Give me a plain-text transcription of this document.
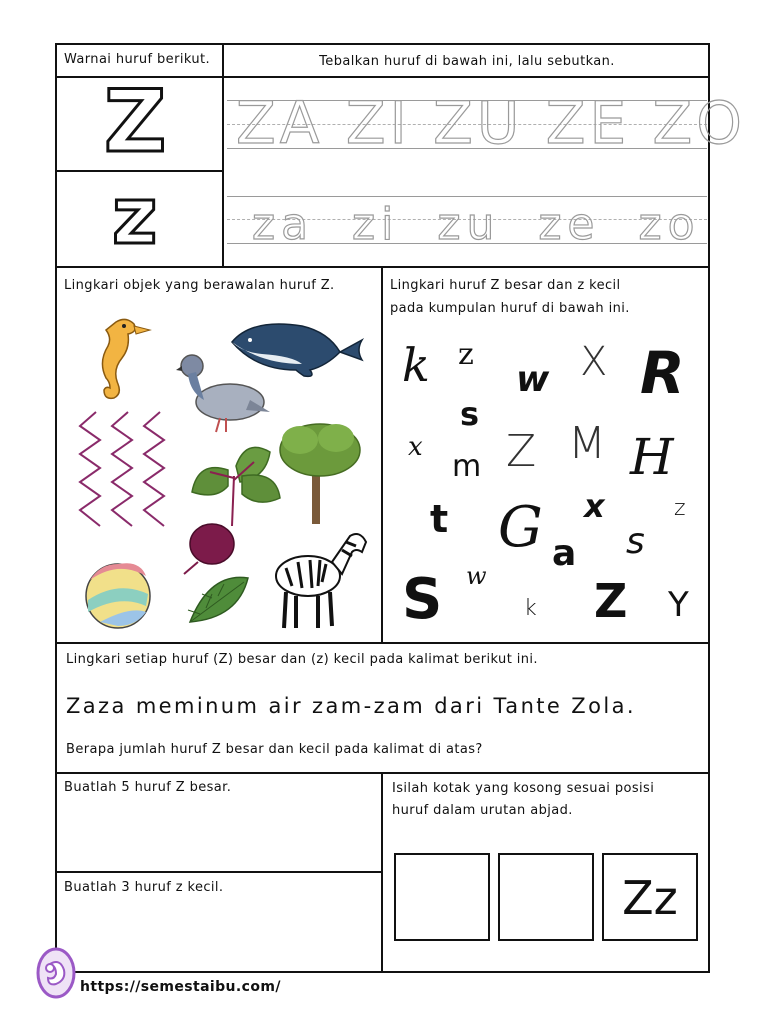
Warnai huruf berikut.	Tebalkan huruf di bawah ini, lalu sebutkan.
Z
z
ZA ZI ZU ZE ZO
za zi zu ze zo
Lingkari objek yang berawalan huruf Z.	Lingkari huruf Z besar dan z kecil
pada kumpulan huruf di bawah ini.
k z
w X R
s
x
m Z M H
t G x	z
a s
S w
k Z Y
Lingkari setiap huruf (Z) besar dan (z) kecil pada kalimat berikut ini.
Zaza meminum air zam-zam dari Tante Zola.
Berapa jumlah huruf Z besar dan kecil pada kalimat di atas?
Buatlah 5 huruf Z besar.
Buatlah 3 huruf z kecil.
Isilah kotak yang kosong sesuai posisi
huruf dalam urutan abjad.
Zz
https://semestaibu.com/
